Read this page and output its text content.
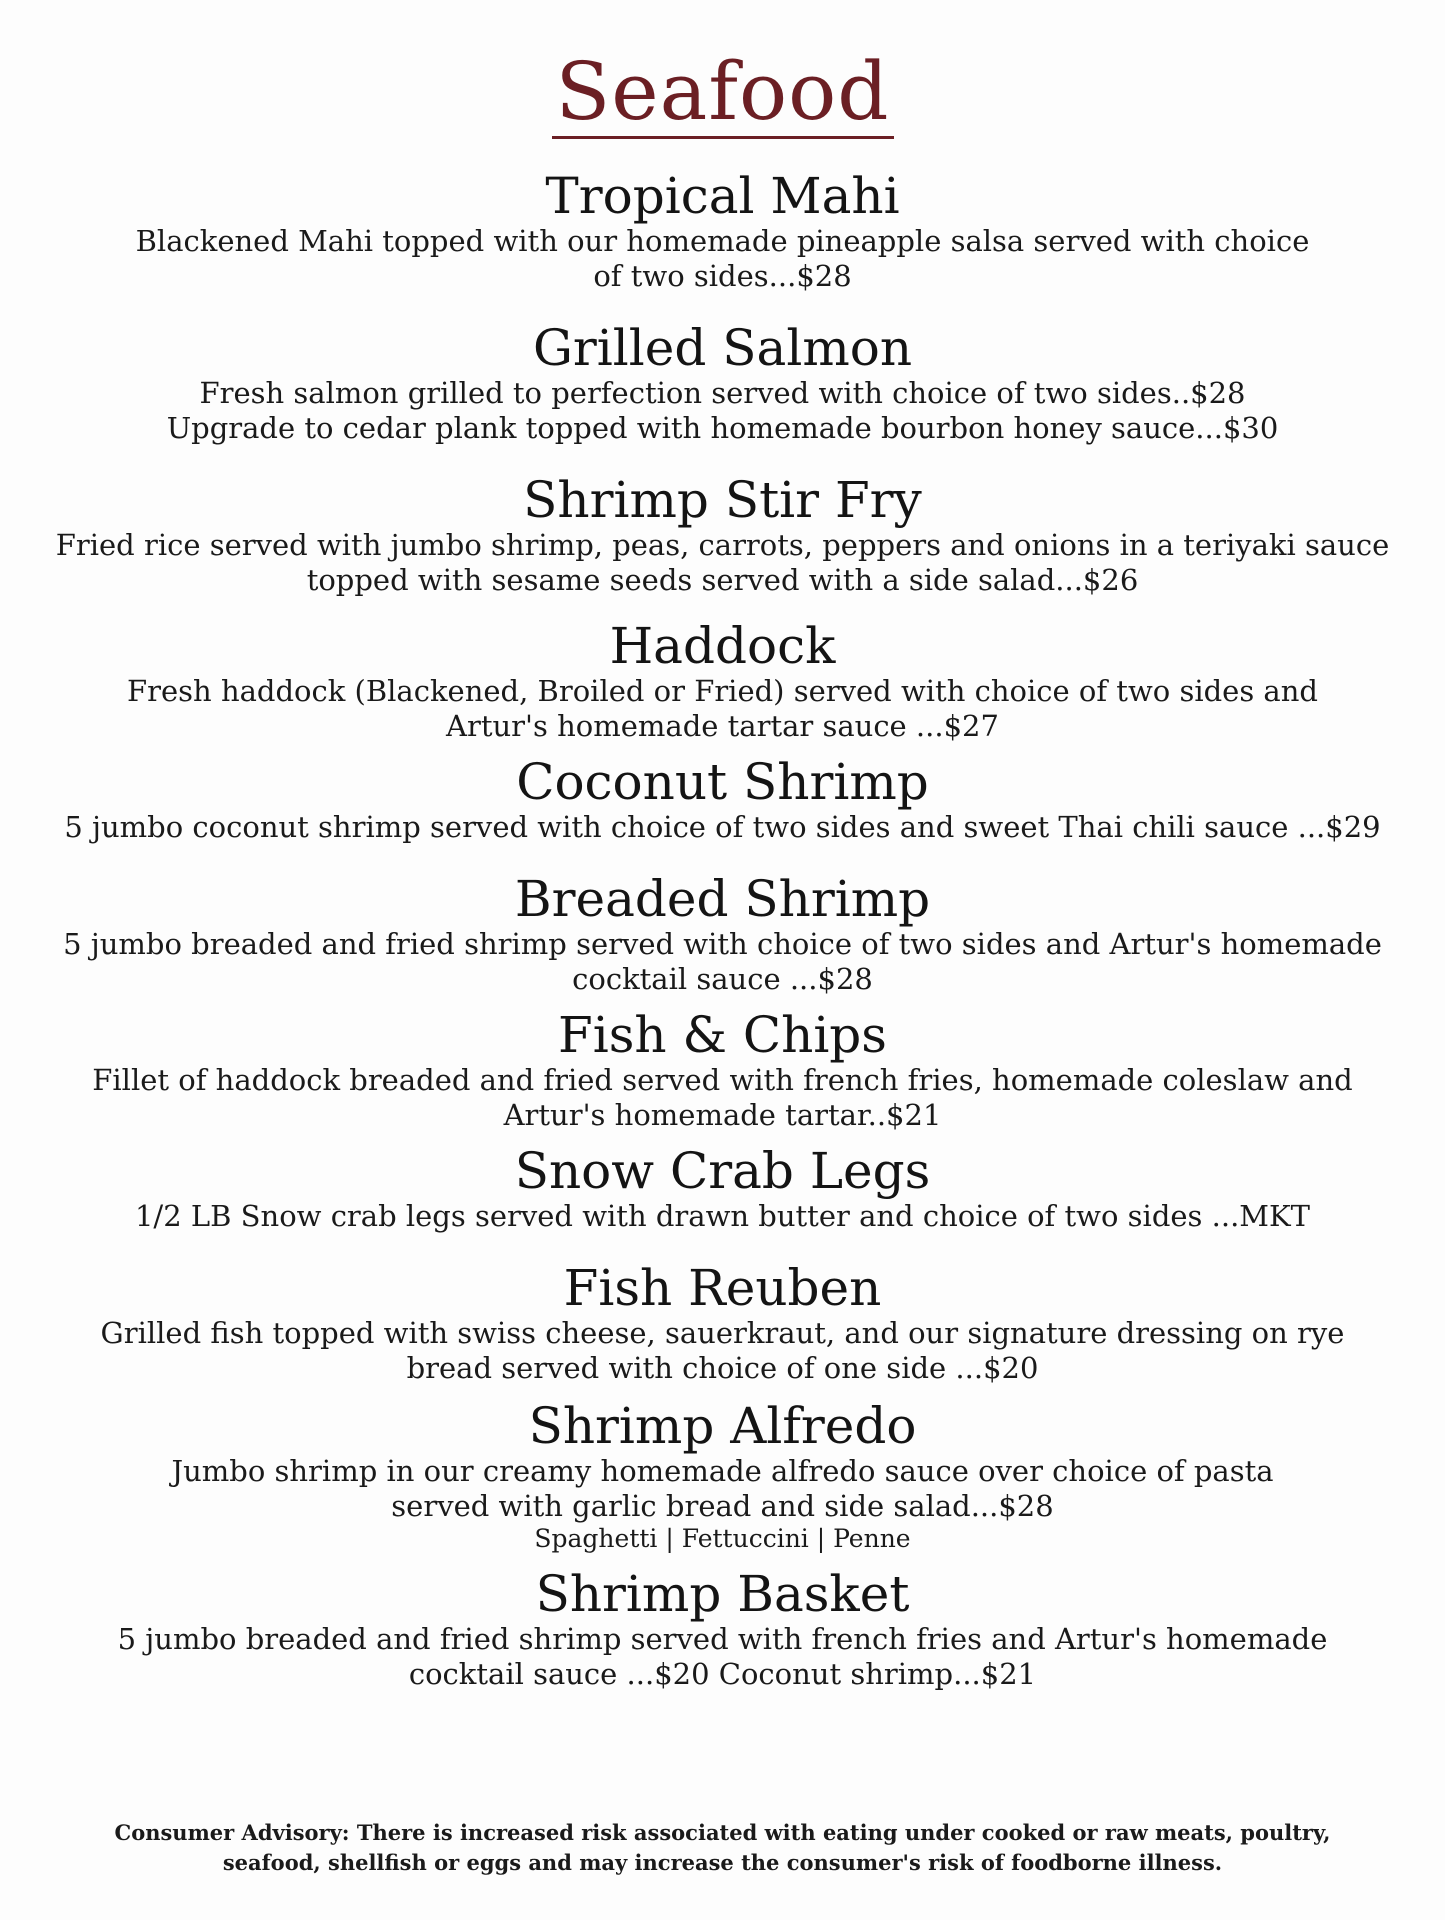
Seafood
Tropical Mahi
Blackened Mahi topped with our homemade pineapple salsa served with choice
of two sides...$28
Grilled Salmon
Fresh salmon grilled to perfection served with choice of two sides..$28
Upgrade to cedar plank topped with homemade bourbon honey sauce...$30
Shrimp Stir Fry
Fried rice served with jumbo shrimp, peas, carrots, peppers and onions in a teriyaki sauce
topped with sesame seeds served with a side salad...$26
Haddock
Fresh haddock (Blackened, Broiled or Fried) served with choice of two sides and
Artur's homemade tartar sauce ...$27
Coconut Shrimp
5 jumbo coconut shrimp served with choice of two sides and sweet Thai chili sauce ...$29
Breaded Shrimp
5 jumbo breaded and fried shrimp served with choice of two sides and Artur's homemade
cocktail sauce ...$28
Fish & Chips
Fillet of haddock breaded and fried served with french fries, homemade coleslaw and
Artur's homemade tartar..$21
Snow Crab Legs
1/2 LB Snow crab legs served with drawn butter and choice of two sides ...MKT
Fish Reuben
Grilled fish topped with swiss cheese, sauerkraut, and our signature dressing on rye
bread served with choice of one side ...$20
Shrimp Alfredo
Jumbo shrimp in our creamy homemade alfredo sauce over choice of pasta
served with garlic bread and side salad...$28
Spaghetti | Fettuccini | Penne
Shrimp Basket
5 jumbo breaded and fried shrimp served with french fries and Artur's homemade
cocktail sauce ...$20 Coconut shrimp...$21
Consumer Advisory: There is increased risk associated with eating under cooked or raw meats, poultry, seafood, shellfish or eggs and may increase the consumer's risk of foodborne illness.
